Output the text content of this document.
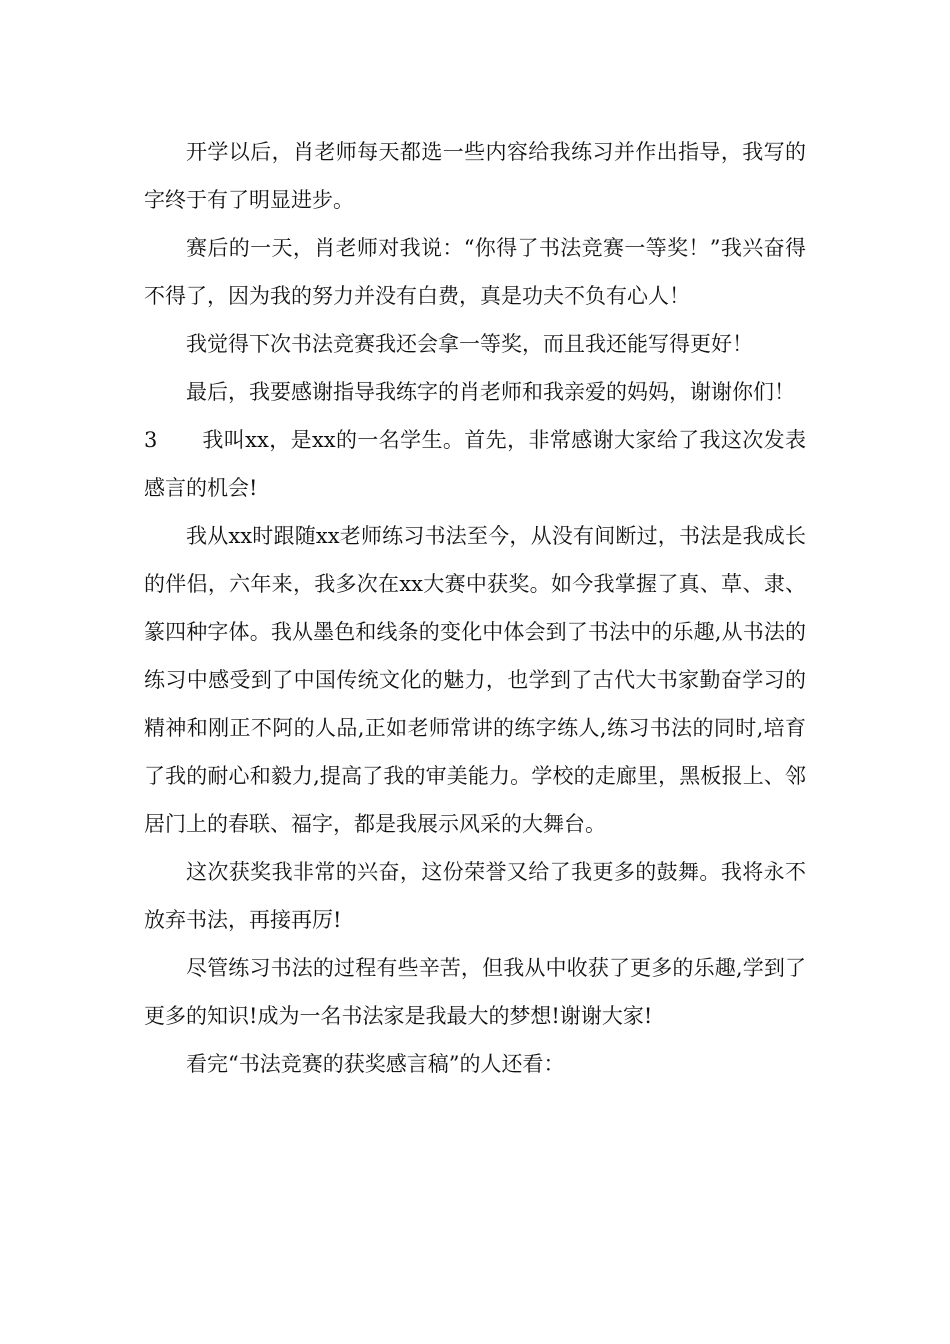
开学以后，肖老师每天都选一些内容给我练习并作出指导，我写的字终于有了明显进步。

赛后的一天，肖老师对我说：“你得了书法竞赛一等奖！”我兴奋得不得了，因为我的努力并没有白费，真是功夫不负有心人！

我觉得下次书法竞赛我还会拿一等奖，而且我还能写得更好！

最后，我要感谢指导我练字的肖老师和我亲爱的妈妈，谢谢你们！

3 我叫xx，是xx的一名学生。首先，非常感谢大家给了我这次发表感言的机会!

我从xx时跟随xx老师练习书法至今，从没有间断过，书法是我成长的伴侣，六年来，我多次在xx大赛中获奖。如今我掌握了真、草、隶、篆四种字体。我从墨色和线条的变化中体会到了书法中的乐趣,从书法的练习中感受到了中国传统文化的魅力，也学到了古代大书家勤奋学习的精神和刚正不阿的人品,正如老师常讲的练字练人,练习书法的同时,培育了我的耐心和毅力,提高了我的审美能力。学校的走廊里，黑板报上、邻居门上的春联、福字，都是我展示风采的大舞台。

这次获奖我非常的兴奋，这份荣誉又给了我更多的鼓舞。我将永不放弃书法，再接再厉!

尽管练习书法的过程有些辛苦，但我从中收获了更多的乐趣,学到了更多的知识!成为一名书法家是我最大的梦想!谢谢大家!

看完“书法竞赛的获奖感言稿”的人还看：
